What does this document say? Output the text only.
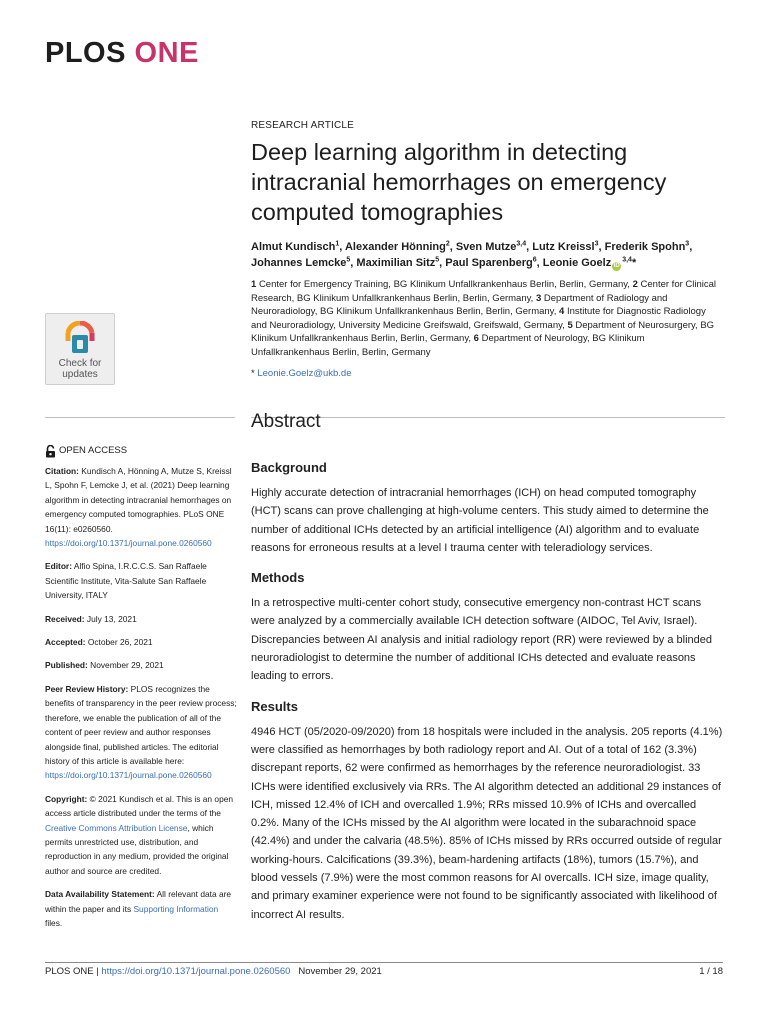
PLOS ONE
RESEARCH ARTICLE
Deep learning algorithm in detecting intracranial hemorrhages on emergency computed tomographies
Almut Kundisch$^1$, Alexander Hönning$^2$, Sven Mutze$^{3,4}$, Lutz Kreissl$^3$, Frederik Spohn$^3$, Johannes Lemcke$^5$, Maximilian Sitz$^5$, Paul Sparenberg$^6$, Leonie Goelz iD$^{3,4}$*
1 Center for Emergency Training, BG Klinikum Unfallkrankenhaus Berlin, Berlin, Germany, 2 Center for Clinical Research, BG Klinikum Unfallkrankenhaus Berlin, Berlin, Germany, 3 Department of Radiology and Neuroradiology, BG Klinikum Unfallkrankenhaus Berlin, Berlin, Germany, 4 Institute for Diagnostic Radiology and Neuroradiology, University Medicine Greifswald, Greifswald, Germany, 5 Department of Neurosurgery, BG Klinikum Unfallkrankenhaus Berlin, Berlin, Germany, 6 Department of Neurology, BG Klinikum Unfallkrankenhaus Berlin, Berlin, Germany
* Leonie.Goelz@ukb.de
Check for
updates
OPEN ACCESS
Citation: Kundisch A, Hönning A, Mutze S, Kreissl L, Spohn F, Lemcke J, et al. (2021) Deep learning algorithm in detecting intracranial hemorrhages on emergency computed tomographies. PLoS ONE 16(11): e0260560. https://doi.org/10.1371/journal.pone.0260560
Editor: Alfio Spina, I.R.C.C.S. San Raffaele Scientific Institute, Vita-Salute San Raffaele University, ITALY
Received: July 13, 2021
Accepted: October 26, 2021
Published: November 29, 2021
Peer Review History: PLOS recognizes the benefits of transparency in the peer review process; therefore, we enable the publication of all of the content of peer review and author responses alongside final, published articles. The editorial history of this article is available here: https://doi.org/10.1371/journal.pone.0260560
Copyright: © 2021 Kundisch et al. This is an open access article distributed under the terms of the Creative Commons Attribution License, which permits unrestricted use, distribution, and reproduction in any medium, provided the original author and source are credited.
Data Availability Statement: All relevant data are within the paper and its Supporting Information files.
Abstract
Background

Highly accurate detection of intracranial hemorrhages (ICH) on head computed tomography (HCT) scans can prove challenging at high-volume centers. This study aimed to determine the number of additional ICHs detected by an artificial intelligence (AI) algorithm and to evaluate reasons for erroneous results at a level I trauma center with teleradiology services.

Methods

In a retrospective multi-center cohort study, consecutive emergency non-contrast HCT scans were analyzed by a commercially available ICH detection software (AIDOC, Tel Aviv, Israel). Discrepancies between AI analysis and initial radiology report (RR) were reviewed by a blinded neuroradiologist to determine the number of additional ICHs detected and evaluate reasons leading to errors.

Results

4946 HCT (05/2020-09/2020) from 18 hospitals were included in the analysis. 205 reports (4.1%) were classified as hemorrhages by both radiology report and AI. Out of a total of 162 (3.3%) discrepant reports, 62 were confirmed as hemorrhages by the reference neuroradiologist. 33 ICHs were identified exclusively via RRs. The AI algorithm detected an additional 29 instances of ICH, missed 12.4% of ICH and overcalled 1.9%; RRs missed 10.9% of ICHs and overcalled 0.2%. Many of the ICHs missed by the AI algorithm were located in the subarachnoid space (42.4%) and under the calvaria (48.5%). 85% of ICHs missed by RRs occurred outside of regular working-hours. Calcifications (39.3%), beam-hardening artifacts (18%), tumors (15.7%), and blood vessels (7.9%) were the most common reasons for AI overcalls. ICH size, image quality, and primary examiner experience were not found to be significantly associated with likelihood of incorrect AI results.

PLOS ONE | https://doi.org/10.1371/journal.pone.0260560 November 29, 2021	1 / 18
